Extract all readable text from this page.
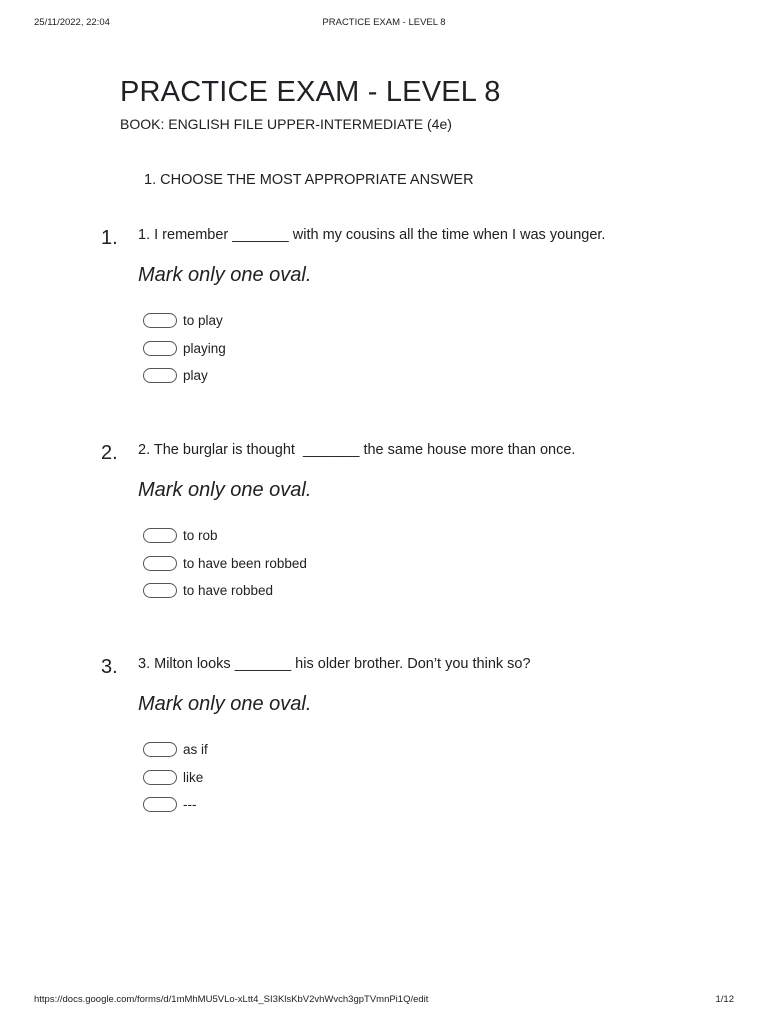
25/11/2022, 22:04	PRACTICE EXAM - LEVEL 8
PRACTICE EXAM - LEVEL 8
BOOK: ENGLISH FILE UPPER-INTERMEDIATE (4e)
1. CHOOSE THE MOST APPROPRIATE ANSWER
1. 1. I remember _______ with my cousins all the time when I was younger.
Mark only one oval.
to play
playing
play
2. 2. The burglar is thought  _______ the same house more than once.
Mark only one oval.
to rob
to have been robbed
to have robbed
3. 3. Milton looks _______ his older brother. Don’t you think so?
Mark only one oval.
as if
like
---
https://docs.google.com/forms/d/1mMhMU5VLo-xLtt4_SI3KlsKbV2vhWvch3gpTVmnPi1Q/edit	1/12
